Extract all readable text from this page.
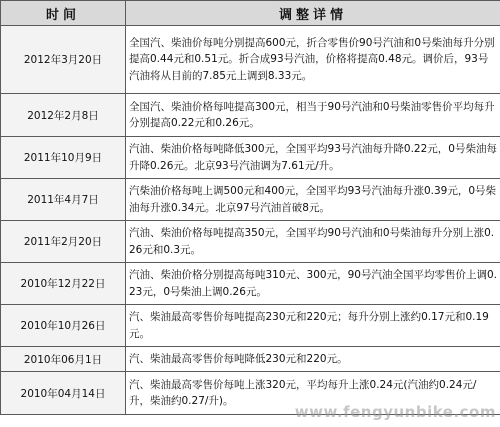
时间	调整详情
2012年3月20日	全国汽、柴油价每吨分别提高600元，折合零售价90号汽油和0号柴油每升分别提高0.44元和0.51元。折合成93号汽油，价格将提高0.48元。调价后，93号汽油将从目前的7.85元上调到8.33元。
2012年2月8日	全国汽、柴油价格每吨提高300元，相当于90号汽油和0号柴油零售价平均每升分别提高0.22元和0.26元。
2011年10月9日	汽油、柴油价格每吨降低300元，全国平均93号汽油每升降0.22元，0号柴油每升降0.26元。北京93号汽油调为7.61元/升。
2011年4月7日	汽柴油价格每吨上调500元和400元，全国平均93号汽油每升涨0.39元，0号柴油每升涨0.34元。北京97号汽油首破8元。
2011年2月20日	汽油、柴油价格每吨提高350元，全国平均90号汽油和0号柴油每升分别上涨0.26元和0.3元。
2010年12月22日	汽油、柴油价格分别提高每吨310元、300元，90号汽油全国平均零售价上调0.23元，0号柴油上调0.26元。
2010年10月26日	汽、柴油最高零售价每吨提高230元和220元；每升分别上涨约0.17元和0.19元。
2010年06月1日	汽、柴油最高零售价每吨降低230元和220元。
2010年04月14日	汽、柴油最高零售价每吨上涨320元，平均每升上涨0.24元(汽油约0.24元/升，柴油约0.27/升)。
www.fengyunbike.com
